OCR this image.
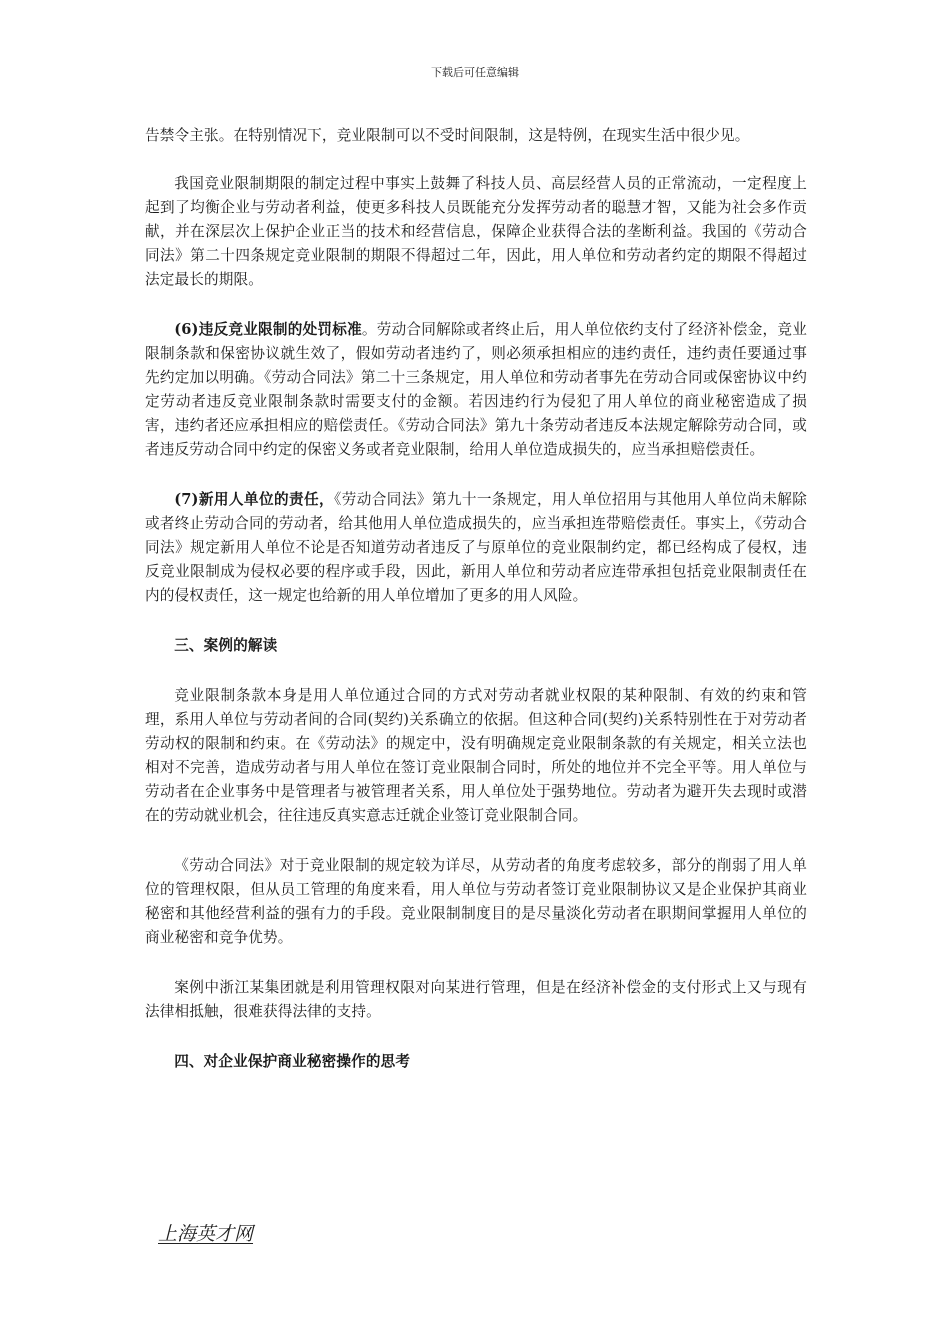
下载后可任意编辑

告禁令主张。在特别情况下，竞业限制可以不受时间限制，这是特例，在现实生活中很少见。

我国竞业限制期限的制定过程中事实上鼓舞了科技人员、高层经营人员的正常流动，一定程度上起到了均衡企业与劳动者利益，使更多科技人员既能充分发挥劳动者的聪慧才智，又能为社会多作贡献，并在深层次上保护企业正当的技术和经营信息，保障企业获得合法的垄断利益。我国的《劳动合同法》第二十四条规定竞业限制的期限不得超过二年，因此，用人单位和劳动者约定的期限不得超过法定最长的期限。

(6)违反竞业限制的处罚标准。劳动合同解除或者终止后，用人单位依约支付了经济补偿金，竞业限制条款和保密协议就生效了，假如劳动者违约了，则必须承担相应的违约责任，违约责任要通过事先约定加以明确。《劳动合同法》第二十三条规定，用人单位和劳动者事先在劳动合同或保密协议中约定劳动者违反竞业限制条款时需要支付的金额。若因违约行为侵犯了用人单位的商业秘密造成了损害，违约者还应承担相应的赔偿责任。《劳动合同法》第九十条劳动者违反本法规定解除劳动合同，或者违反劳动合同中约定的保密义务或者竞业限制，给用人单位造成损失的，应当承担赔偿责任。

(7)新用人单位的责任，《劳动合同法》第九十一条规定，用人单位招用与其他用人单位尚未解除或者终止劳动合同的劳动者，给其他用人单位造成损失的，应当承担连带赔偿责任。事实上，《劳动合同法》规定新用人单位不论是否知道劳动者违反了与原单位的竞业限制约定，都已经构成了侵权，违反竞业限制成为侵权必要的程序或手段，因此，新用人单位和劳动者应连带承担包括竞业限制责任在内的侵权责任，这一规定也给新的用人单位增加了更多的用人风险。

三、案例的解读

竞业限制条款本身是用人单位通过合同的方式对劳动者就业权限的某种限制、有效的约束和管理，系用人单位与劳动者间的合同(契约)关系确立的依据。但这种合同(契约)关系特别性在于对劳动者劳动权的限制和约束。在《劳动法》的规定中，没有明确规定竞业限制条款的有关规定，相关立法也相对不完善，造成劳动者与用人单位在签订竞业限制合同时，所处的地位并不完全平等。用人单位与劳动者在企业事务中是管理者与被管理者关系，用人单位处于强势地位。劳动者为避开失去现时或潜在的劳动就业机会，往往违反真实意志迁就企业签订竞业限制合同。

《劳动合同法》对于竞业限制的规定较为详尽，从劳动者的角度考虑较多，部分的削弱了用人单位的管理权限，但从员工管理的角度来看，用人单位与劳动者签订竞业限制协议又是企业保护其商业秘密和其他经营利益的强有力的手段。竞业限制制度目的是尽量淡化劳动者在职期间掌握用人单位的商业秘密和竞争优势。

案例中浙江某集团就是利用管理权限对向某进行管理，但是在经济补偿金的支付形式上又与现有法律相抵触，很难获得法律的支持。

四、对企业保护商业秘密操作的思考

上海英才网
